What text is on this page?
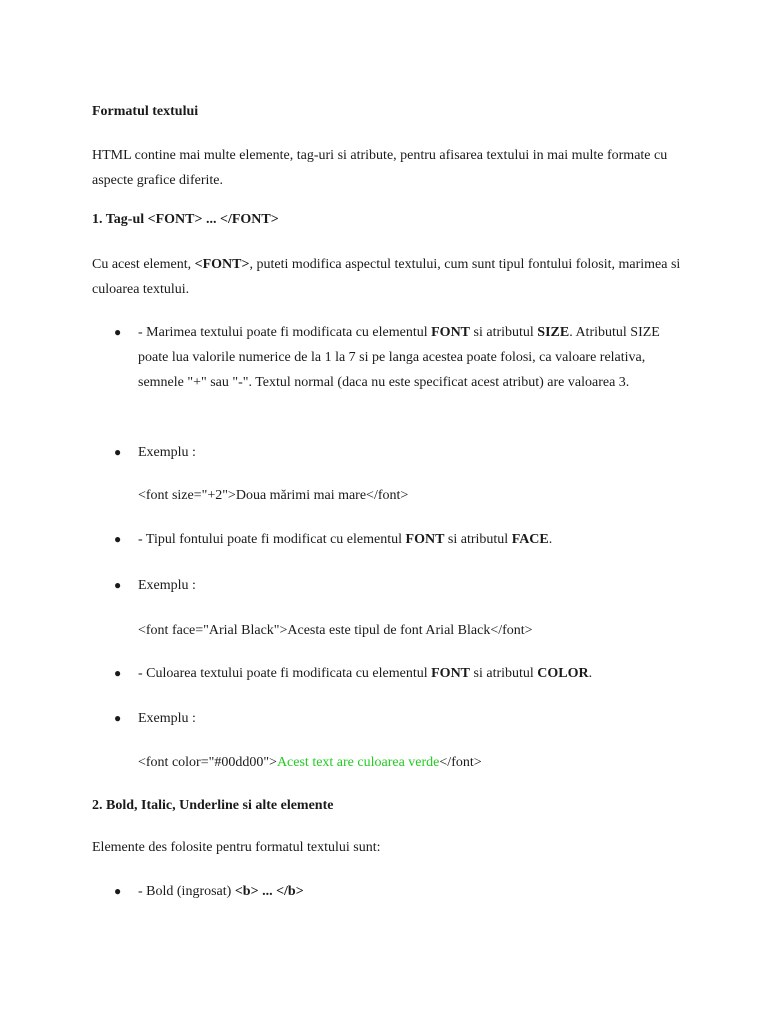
Formatul textului

HTML contine mai multe elemente, tag-uri si atribute, pentru afisarea textului in mai multe formate cu aspecte grafice diferite.

1. Tag-ul <FONT> ... </FONT>

Cu acest element, <FONT>, puteti modifica aspectul textului, cum sunt tipul fontului folosit, marimea si culoarea textului.

● - Marimea textului poate fi modificata cu elementul FONT si atributul SIZE. Atributul SIZE poate lua valorile numerice de la 1 la 7 si pe langa acestea poate folosi, ca valoare relativa, semnele "+" sau "-". Textul normal (daca nu este specificat acest atribut) are valoarea 3.
● Exemplu :

<font size="+2">Doua mărimi mai mare</font>

● - Tipul fontului poate fi modificat cu elementul FONT si atributul FACE.
● Exemplu :

<font face="Arial Black">Acesta este tipul de font Arial Black</font>

● - Culoarea textului poate fi modificata cu elementul FONT si atributul COLOR.
● Exemplu :

<font color="#00dd00">Acest text are culoarea verde</font>

2. Bold, Italic, Underline si alte elemente

Elemente des folosite pentru formatul textului sunt:

● - Bold (ingrosat) <b> ... </b>
